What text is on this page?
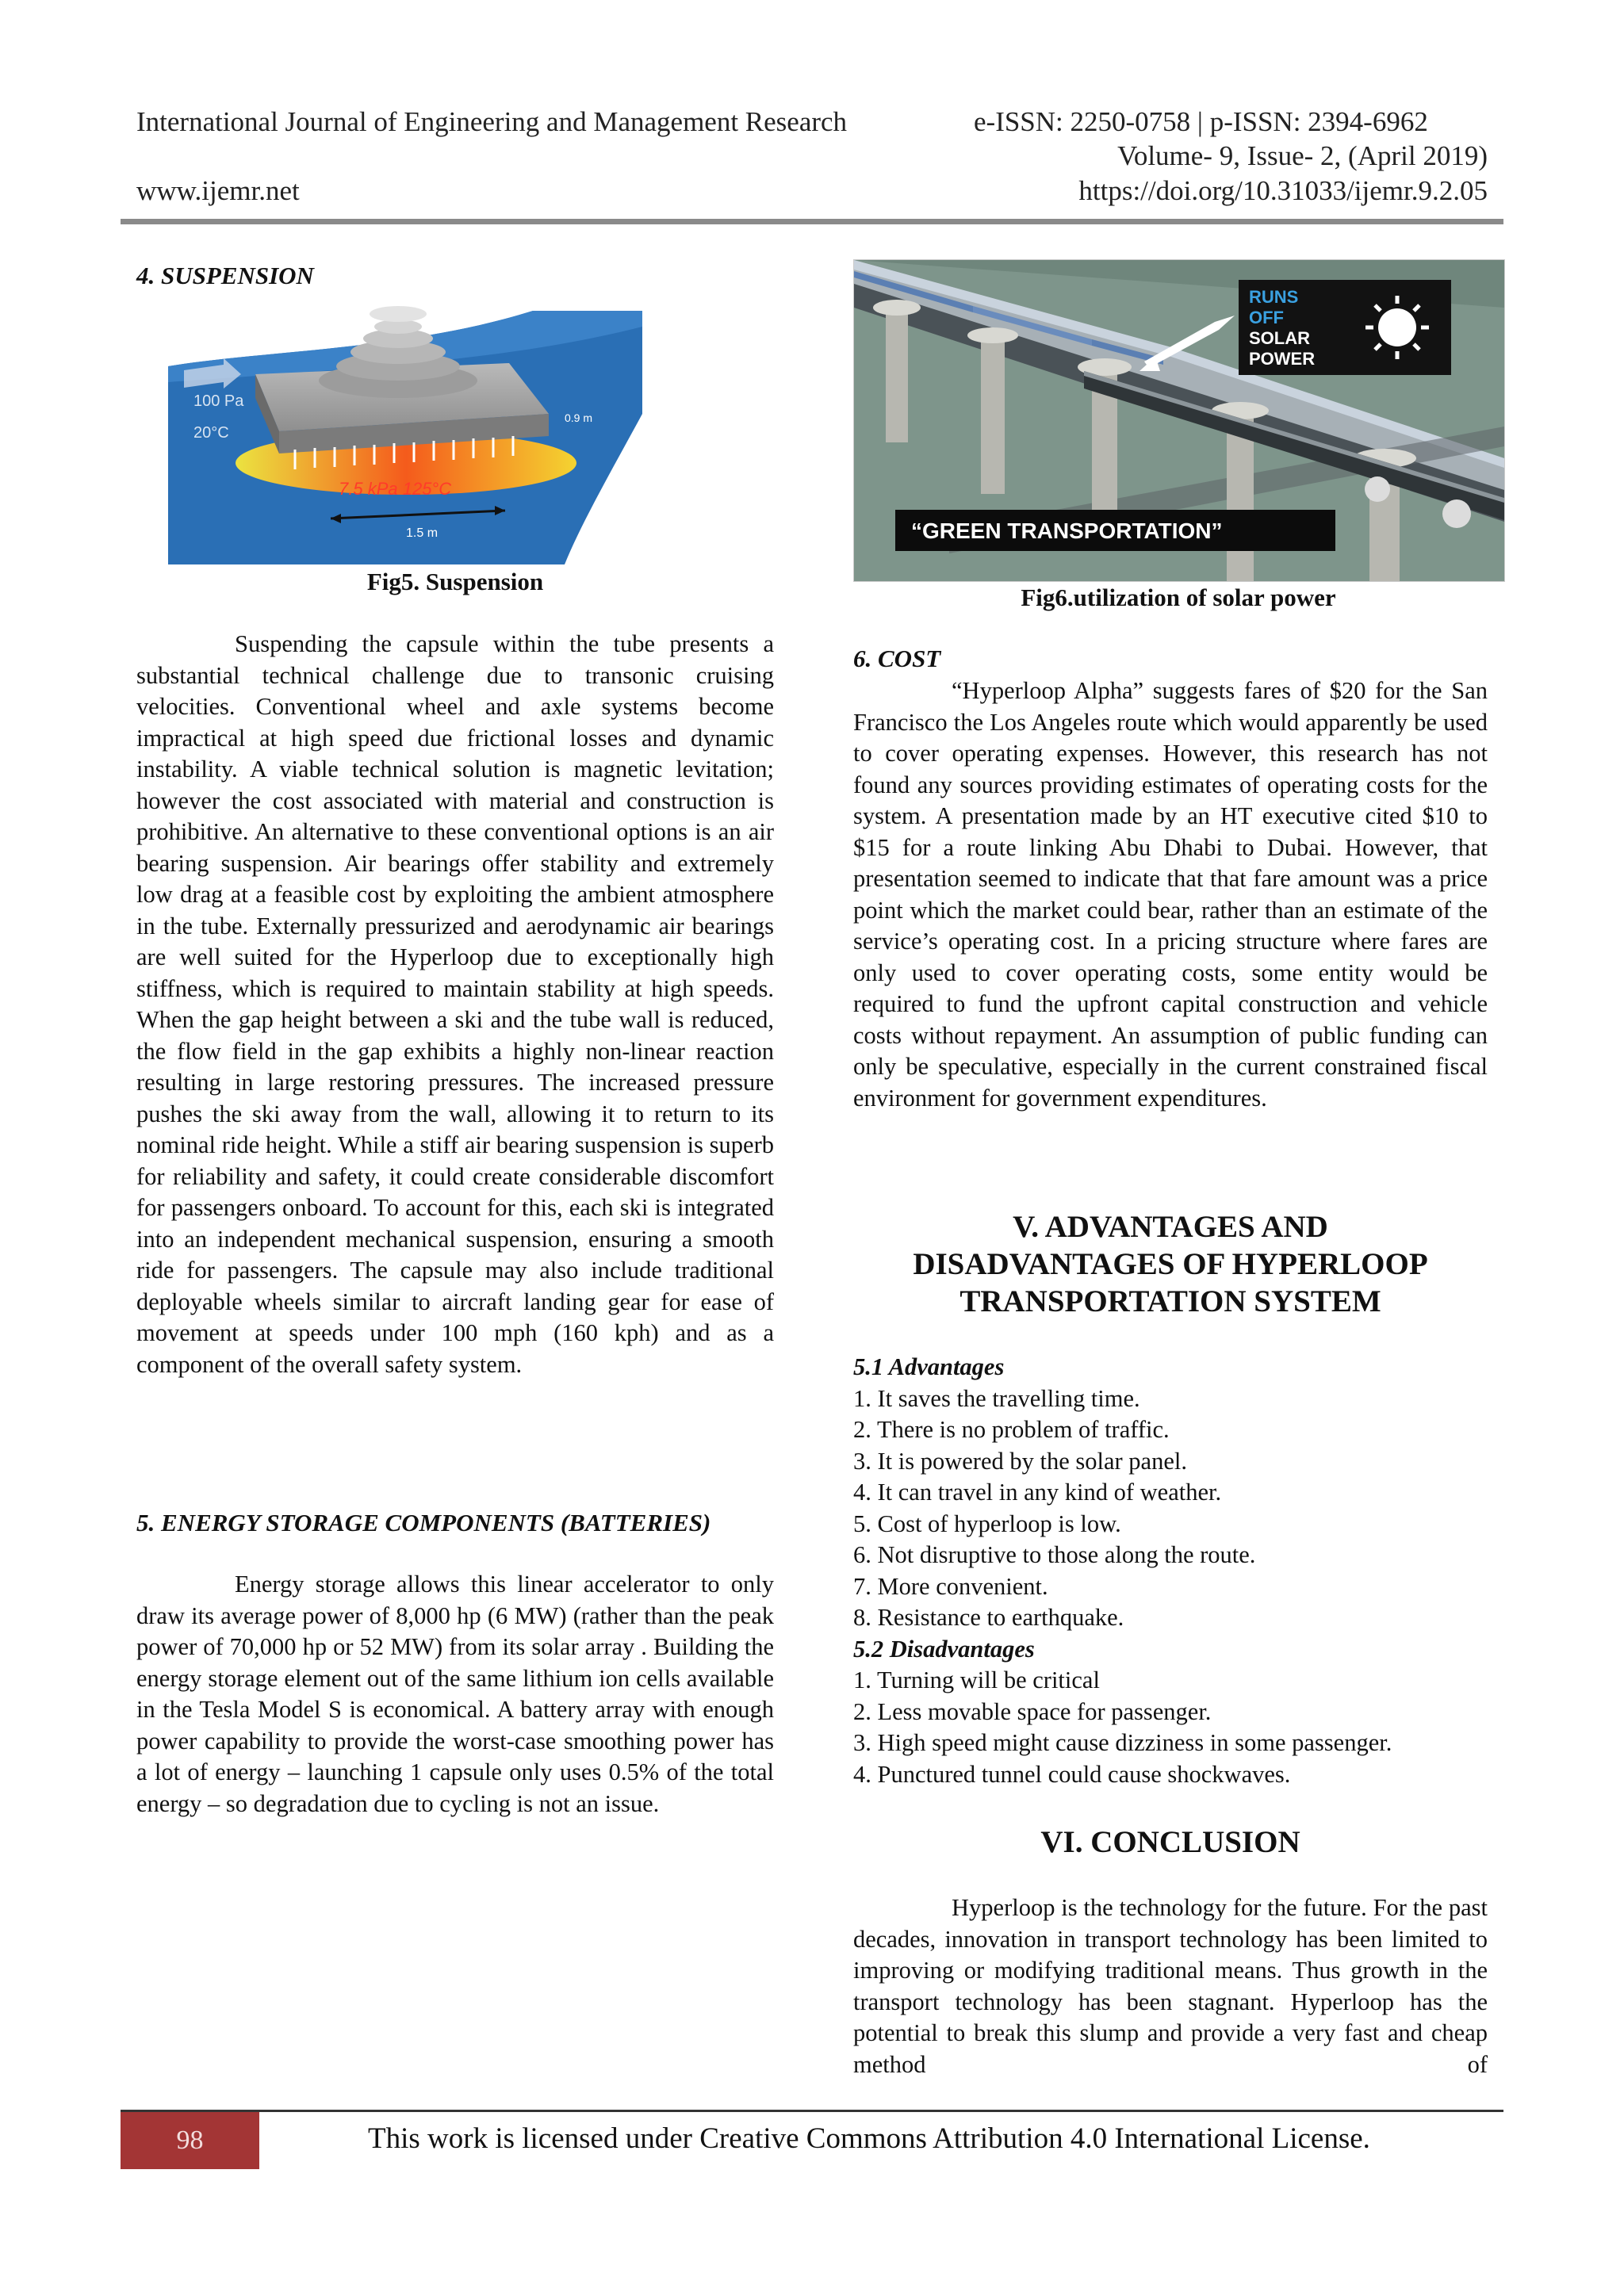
International Journal of Engineering and Management Research	e-ISSN: 2250-0758 | p-ISSN: 2394-6962
Volume- 9, Issue- 2, (April 2019)
www.ijemr.net	https://doi.org/10.31033/ijemr.9.2.05
4. SUSPENSION
100 Pa
20°C
7.5 kPa 125°C
0.9 m
1.5 m
Fig5. Suspension

Suspending the capsule within the tube presents a substantial technical challenge due to transonic cruising velocities. Conventional wheel and axle systems become impractical at high speed due frictional losses and dynamic instability. A viable technical solution is magnetic levitation; however the cost associated with material and construction is prohibitive. An alternative to these conventional options is an air bearing suspension. Air bearings offer stability and extremely low drag at a feasible cost by exploiting the ambient atmosphere in the tube. Externally pressurized and aerodynamic air bearings are well suited for the Hyperloop due to exceptionally high stiffness, which is required to maintain stability at high speeds. When the gap height between a ski and the tube wall is reduced, the flow field in the gap exhibits a highly non-linear reaction resulting in large restoring pressures. The increased pressure pushes the ski away from the wall, allowing it to return to its nominal ride height. While a stiff air bearing suspension is superb for reliability and safety, it could create considerable discomfort for passengers onboard. To account for this, each ski is integrated into an independent mechanical suspension, ensuring a smooth ride for passengers. The capsule may also include traditional deployable wheels similar to aircraft landing gear for ease of movement at speeds under 100 mph (160 kph) and as a component of the overall safety system.

5. ENERGY STORAGE COMPONENTS (BATTERIES)

Energy storage allows this linear accelerator to only draw its average power of 8,000 hp (6 MW) (rather than the peak power of 70,000 hp or 52 MW) from its solar array . Building the energy storage element out of the same lithium ion cells available in the Tesla Model S is economical. A battery array with enough power capability to provide the worst-case smoothing power has a lot of energy – launching 1 capsule only uses 0.5% of the total energy – so degradation due to cycling is not an issue.

RUNS
OFF
SOLAR
POWER
“GREEN TRANSPORTATION”
Fig6.utilization of solar power
6. COST

“Hyperloop Alpha” suggests fares of $20 for the San Francisco the Los Angeles route which would apparently be used to cover operating expenses. However, this research has not found any sources providing estimates of operating costs for the system. A presentation made by an HT executive cited $10 to $15 for a route linking Abu Dhabi to Dubai. However, that presentation seemed to indicate that that fare amount was a price point which the market could bear, rather than an estimate of the service’s operating cost. In a pricing structure where fares are only used to cover operating costs, some entity would be required to fund the upfront capital construction and vehicle costs without repayment. An assumption of public funding can only be speculative, especially in the current constrained fiscal environment for government expenditures.

V. ADVANTAGES AND
DISADVANTAGES OF HYPERLOOP
TRANSPORTATION SYSTEM
5.1 Advantages
1. It saves the travelling time.
2. There is no problem of traffic.
3. It is powered by the solar panel.
4. It can travel in any kind of weather.
5. Cost of hyperloop is low.
6. Not disruptive to those along the route.
7. More convenient.
8. Resistance to earthquake.
5.2 Disadvantages
1. Turning will be critical
2. Less movable space for passenger.
3. High speed might cause dizziness in some passenger.
4. Punctured tunnel could cause shockwaves.
VI. CONCLUSION

Hyperloop is the technology for the future. For the past decades, innovation in transport technology has been limited to improving or modifying traditional means. Thus growth in the transport technology has been stagnant. Hyperloop has the potential to break this slump and provide a very fast and cheap method of

98	This work is licensed under Creative Commons Attribution 4.0 International License.
